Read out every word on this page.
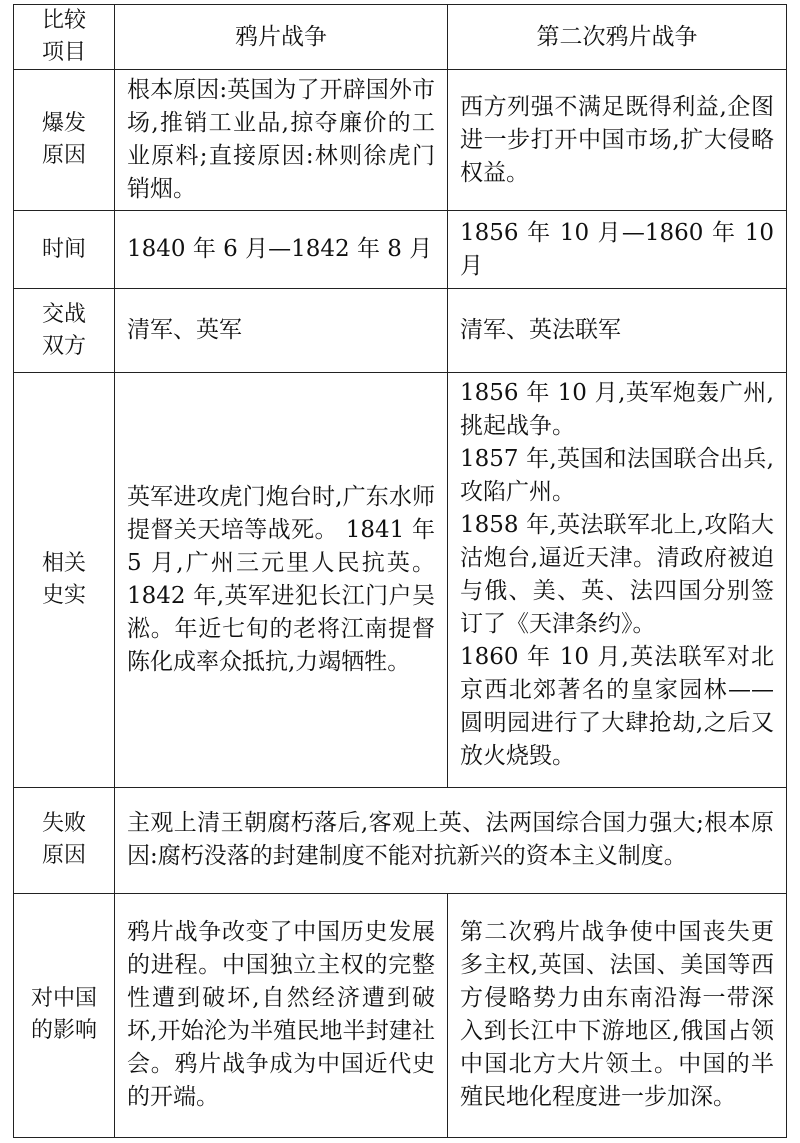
比较
项目	鸦片战争	第二次鸦片战争

爆发
原因	根本原因:英国为了开辟国外市场,推销工业品,掠夺廉价的工业原料;直接原因:林则徐虎门销烟。	西方列强不满足既得利益,企图进一步打开中国市场,扩大侵略权益。

时间	1840 年 6 月—1842 年 8 月	1856 年 10 月—1860 年 10 月

交战
双方	清军、英军	清军、英法联军

相关
史实	英军进攻虎门炮台时,广东水师提督关天培等战死。 1841 年 5 月,广州三元里人民抗英。 1842 年,英军进犯长江门户吴淞。年近七旬的老将江南提督陈化成率众抵抗,力竭牺牲。	1856 年 10 月,英军炮轰广州,挑起战争。
1857 年,英国和法国联合出兵,攻陷广州。
1858 年,英法联军北上,攻陷大沽炮台,逼近天津。清政府被迫与俄、美、英、法四国分别签订了《天津条约》。
1860 年 10 月,英法联军对北京西北郊著名的皇家园林——圆明园进行了大肆抢劫,之后又放火烧毁。

失败
原因	主观上清王朝腐朽落后,客观上英、法两国综合国力强大;根本原因:腐朽没落的封建制度不能对抗新兴的资本主义制度。	

对中国
的影响	鸦片战争改变了中国历史发展的进程。中国独立主权的完整性遭到破坏,自然经济遭到破坏,开始沦为半殖民地半封建社会。鸦片战争成为中国近代史的开端。	第二次鸦片战争使中国丧失更多主权,英国、法国、美国等西方侵略势力由东南沿海一带深入到长江中下游地区,俄国占领中国北方大片领土。中国的半殖民地化程度进一步加深。
